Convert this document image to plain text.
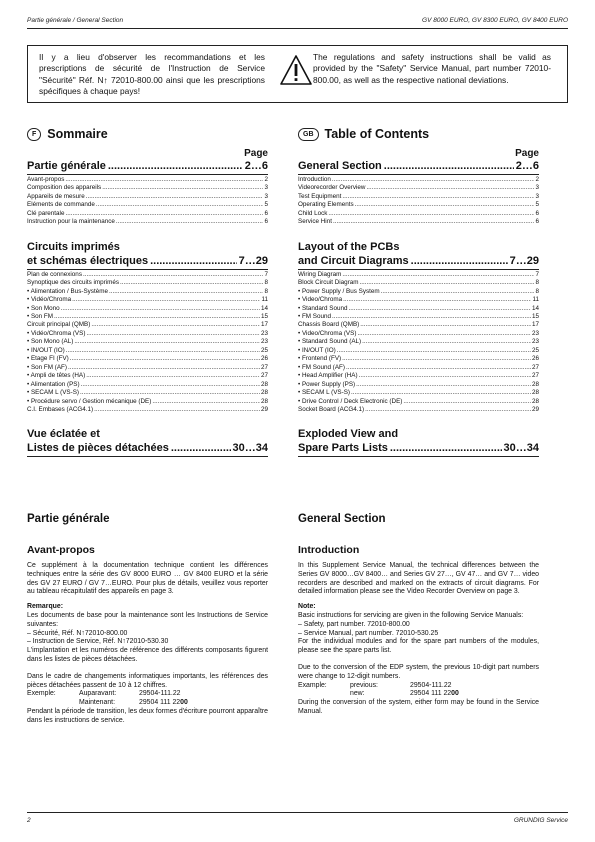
Partie générale / General Section	GV 8000 EURO, GV 8300 EURO, GV 8400 EURO
Il y a lieu d'observer les recommandations et les prescriptions de sécurité de l'Instruction de Service "Sécurité" Réf. N↑ 72010-800.00 ainsi que les prescriptions spécifiques à chaque pays!
The regulations and safety instructions shall be valid as provided by the "Safety" Service Manual, part number 72010-800.00, as well as the respective national deviations.
F Sommaire
Page
Partie générale .....	2…6
Avant-propos .....	2
Composition des appareils .....	3
Appareils de mesure .....	3
Eléments de commande .....	5
Clé parentale .....	6
Instruction pour la maintenance .....	6
Circuits imprimés
et schémas électriques .....	7…29
Plan de connexions .....	7
Synoptique des circuits imprimés .....	8
• Alimentation / Bus-Système .....	8
• Vidéo/Chroma .....	11
• Son Mono .....	14
• Son FM .....	15
Circuit principal (QMB) .....	17
• Vidéo/Chroma (VS) .....	23
• Son Mono (AL) .....	23
• IN/OUT (IO) .....	25
• Etage FI (FV) .....	26
• Son FM (AF) .....	27
• Ampli de têtes (HA) .....	27
• Alimentation (PS) .....	28
• SECAM L (VS-S) .....	28
• Procédure servo / Gestion mécanique (DE) .....	28
C.I. Embases (ACG4.1) .....	29
Vue éclatée et
Listes de pièces détachées .....	30…34
GB Table of Contents
Page
General Section .....	2…6
Introduction .....	2
Videorecorder Overview .....	3
Test Equipment .....	3
Operating Elements .....	5
Child Lock .....	6
Service Hint .....	6
Layout of the PCBs
and Circuit Diagrams .....	7…29
Wiring Diagram .....	7
Block Circuit Diagram .....	8
• Power Supply / Bus System .....	8
• Video/Chroma .....	11
• Standard Sound .....	14
• FM Sound .....	15
Chassis Board (QMB) .....	17
• Video/Chroma (VS) .....	23
• Standard Sound (AL) .....	23
• IN/OUT (IO) .....	25
• Frontend (FV) .....	26
• FM Sound (AF) .....	27
• Head Amplifier (HA) .....	27
• Power Supply (PS) .....	28
• SECAM L (VS-S) .....	28
• Drive Control / Deck Electronic (DE) .....	28
Socket Board (ACG4.1) .....	29
Exploded View and
Spare Parts Lists .....	30…34
Partie générale
Avant-propos

Ce supplément à la documentation technique contient les différences techniques entre la série des GV 8000 EURO … GV 8400 EURO et la série des GV 27 EURO / GV 7…EURO. Pour plus de détails, veuillez vous reporter au tableau récapitulatif des appareils en page 3.

Remarque:

Les documents de base pour la maintenance sont les Instructions de Service suivantes:

– Sécurité, Réf. N↑72010-800.00

– Instruction de Service, Réf. N↑72010-530.30

L'implantation et les numéros de référence des différents composants figurent dans les listes de pièces détachées.

Dans le cadre de changements informatiques importants, les références des pièces détachées passent de 10 à 12 chiffres.

Exemple:	Auparavant:	29504-111.22
Maintenant:	29504 111 2200

Pendant la période de transition, les deux formes d'écriture pourront apparaître dans les instructions de service.

General Section
Introduction

In this Supplement Service Manual, the technical differences between the Series GV 8000…GV 8400… and Series GV 27…, GV 47… and GV 7… video recorders are described and marked on the extracts of circuit diagrams. For detailed information please see the Video Recorder Overview on page 3.

Note:

Basic instructions for servicing are given in the following Service Manuals:

– Safety, part number. 72010-800.00

– Service Manual, part number. 72010-530.25

For the individual modules and for the spare part numbers of the modules, please see the spare parts list.

Due to the conversion of the EDP system, the previous 10-digit part numbers were change to 12-digit numbers.

Example:	previous:	29504-111.22
new:	29504 111 2200

During the conversion of the system, either form may be found in the Service Manual.

2	GRUNDIG Service
